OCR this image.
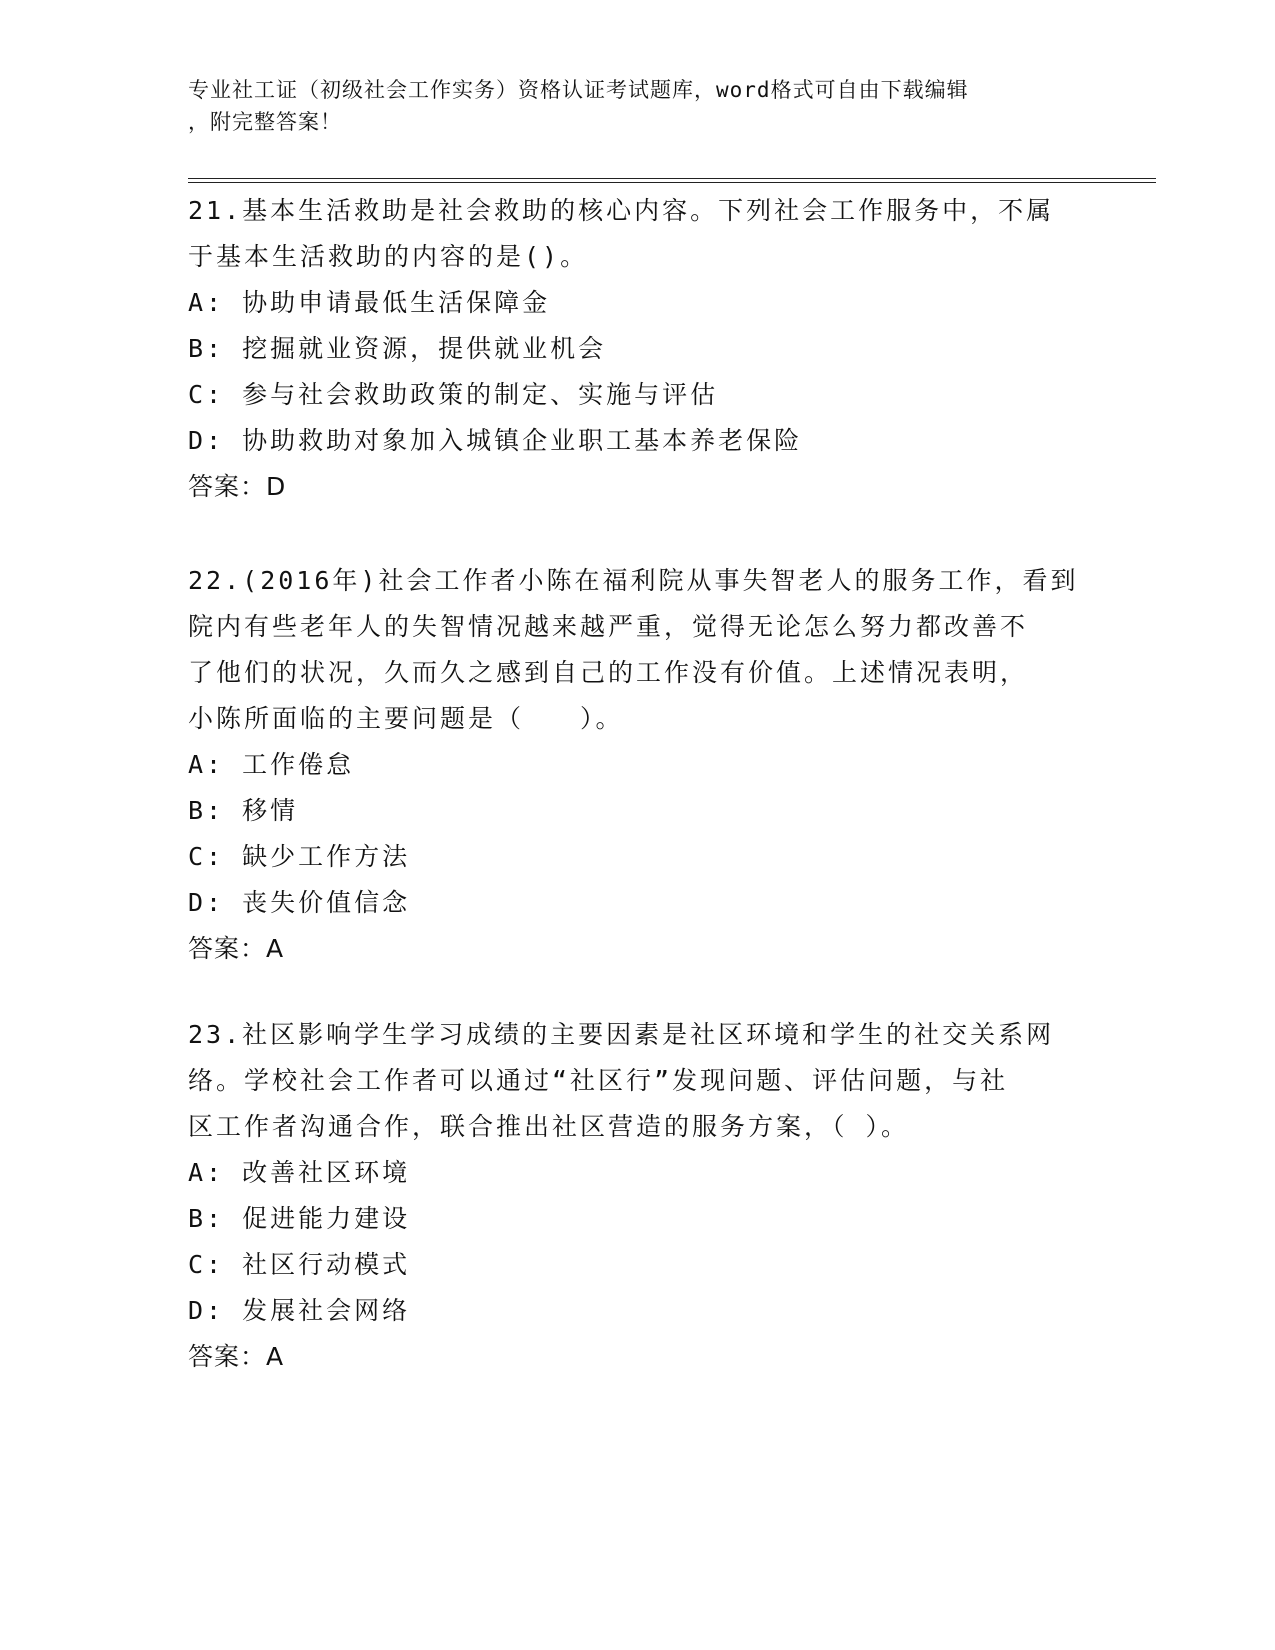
专业社工证（初级社会工作实务）资格认证考试题库，word格式可自由下载编辑
，附完整答案！

21.基本生活救助是社会救助的核心内容。下列社会工作服务中，不属

于基本生活救助的内容的是()。

A: 协助申请最低生活保障金

B: 挖掘就业资源，提供就业机会

C: 参与社会救助政策的制定、实施与评估

D: 协助救助对象加入城镇企业职工基本养老保险

答案：D

22.(2016年)社会工作者小陈在福利院从事失智老人的服务工作，看到

院内有些老年人的失智情况越来越严重，觉得无论怎么努力都改善不

了他们的状况，久而久之感到自己的工作没有价值。上述情况表明，

小陈所面临的主要问题是（　　）。

A: 工作倦怠

B: 移情

C: 缺少工作方法

D: 丧失价值信念

答案：A

23.社区影响学生学习成绩的主要因素是社区环境和学生的社交关系网

络。学校社会工作者可以通过“社区行”发现问题、评估问题，与社

区工作者沟通合作，联合推出社区营造的服务方案，（ ）。

A: 改善社区环境

B: 促进能力建设

C: 社区行动模式

D: 发展社会网络

答案：A
